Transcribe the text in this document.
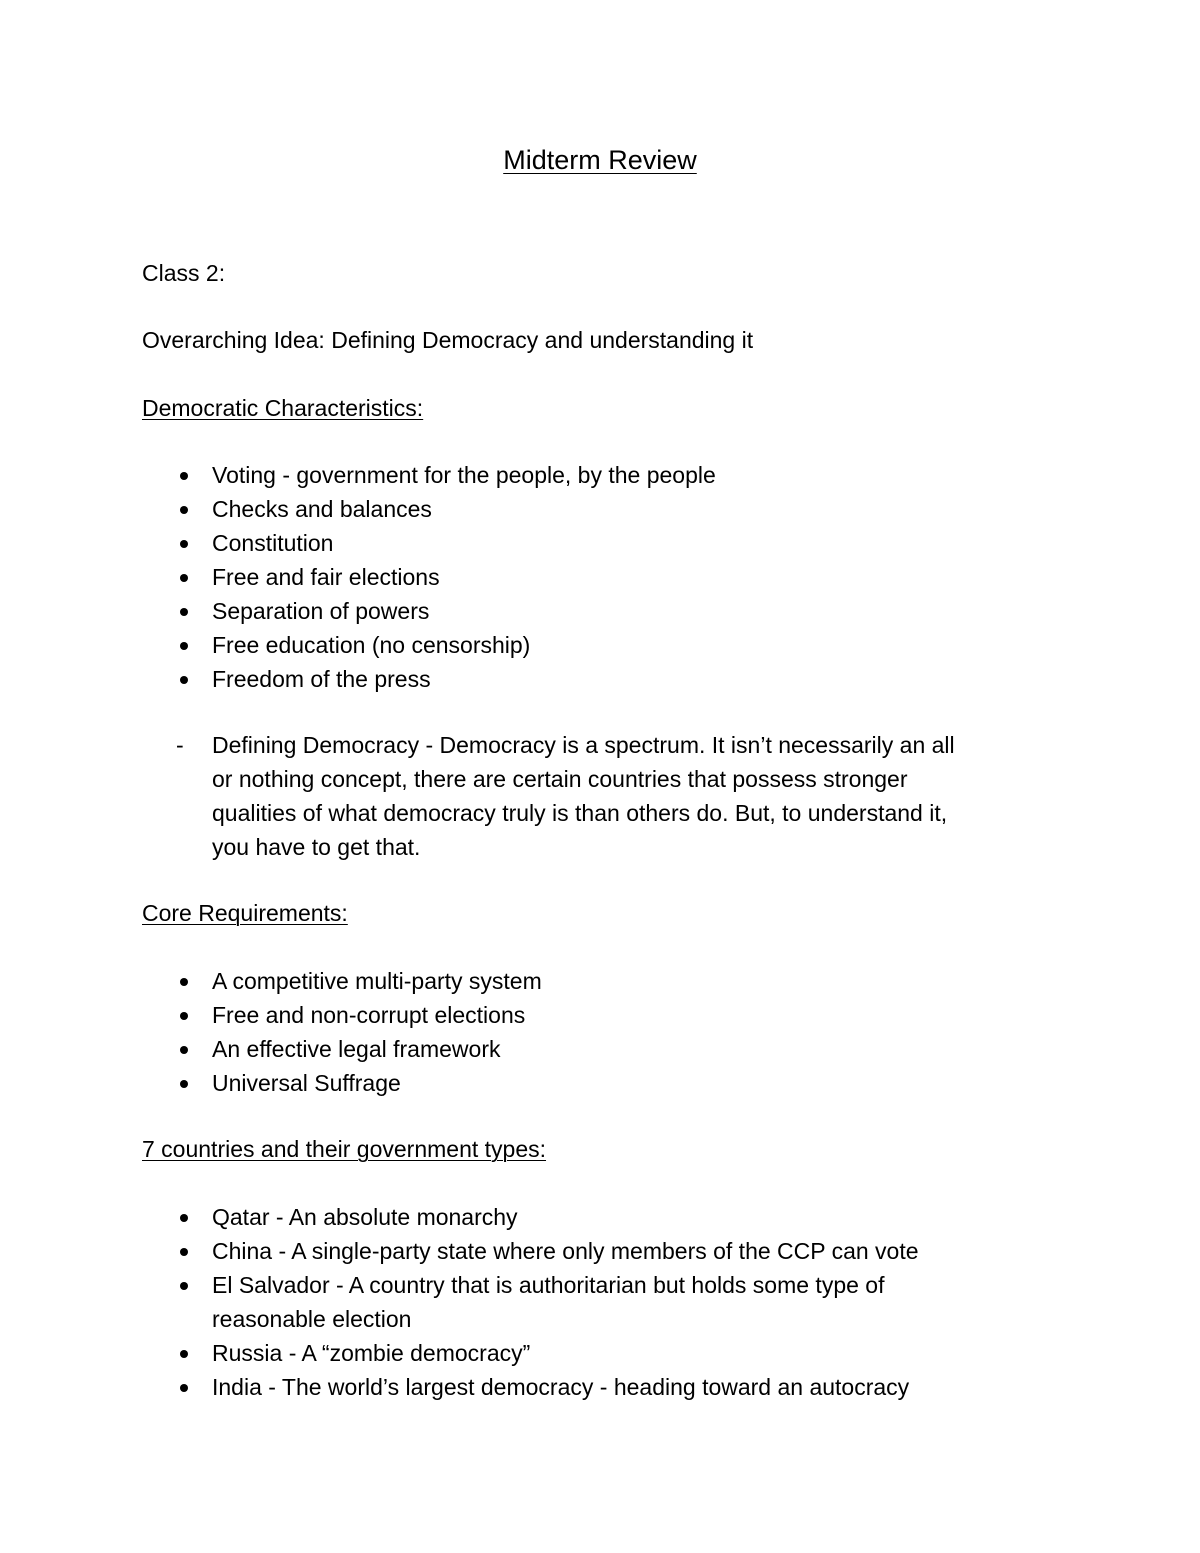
Midterm Review
Class 2:
Overarching Idea: Defining Democracy and understanding it
Democratic Characteristics:
Voting - government for the people, by the people
Checks and balances
Constitution
Free and fair elections
Separation of powers
Free education (no censorship)
Freedom of the press
-	Defining Democracy - Democracy is a spectrum. It isn’t necessarily an all
or nothing concept, there are certain countries that possess stronger
qualities of what democracy truly is than others do. But, to understand it,
you have to get that.
Core Requirements:
A competitive multi-party system
Free and non-corrupt elections
An effective legal framework
Universal Suffrage
7 countries and their government types:
Qatar - An absolute monarchy
China - A single-party state where only members of the CCP can vote
El Salvador - A country that is authoritarian but holds some type of
reasonable election
Russia - A “zombie democracy”
India - The world’s largest democracy - heading toward an autocracy
